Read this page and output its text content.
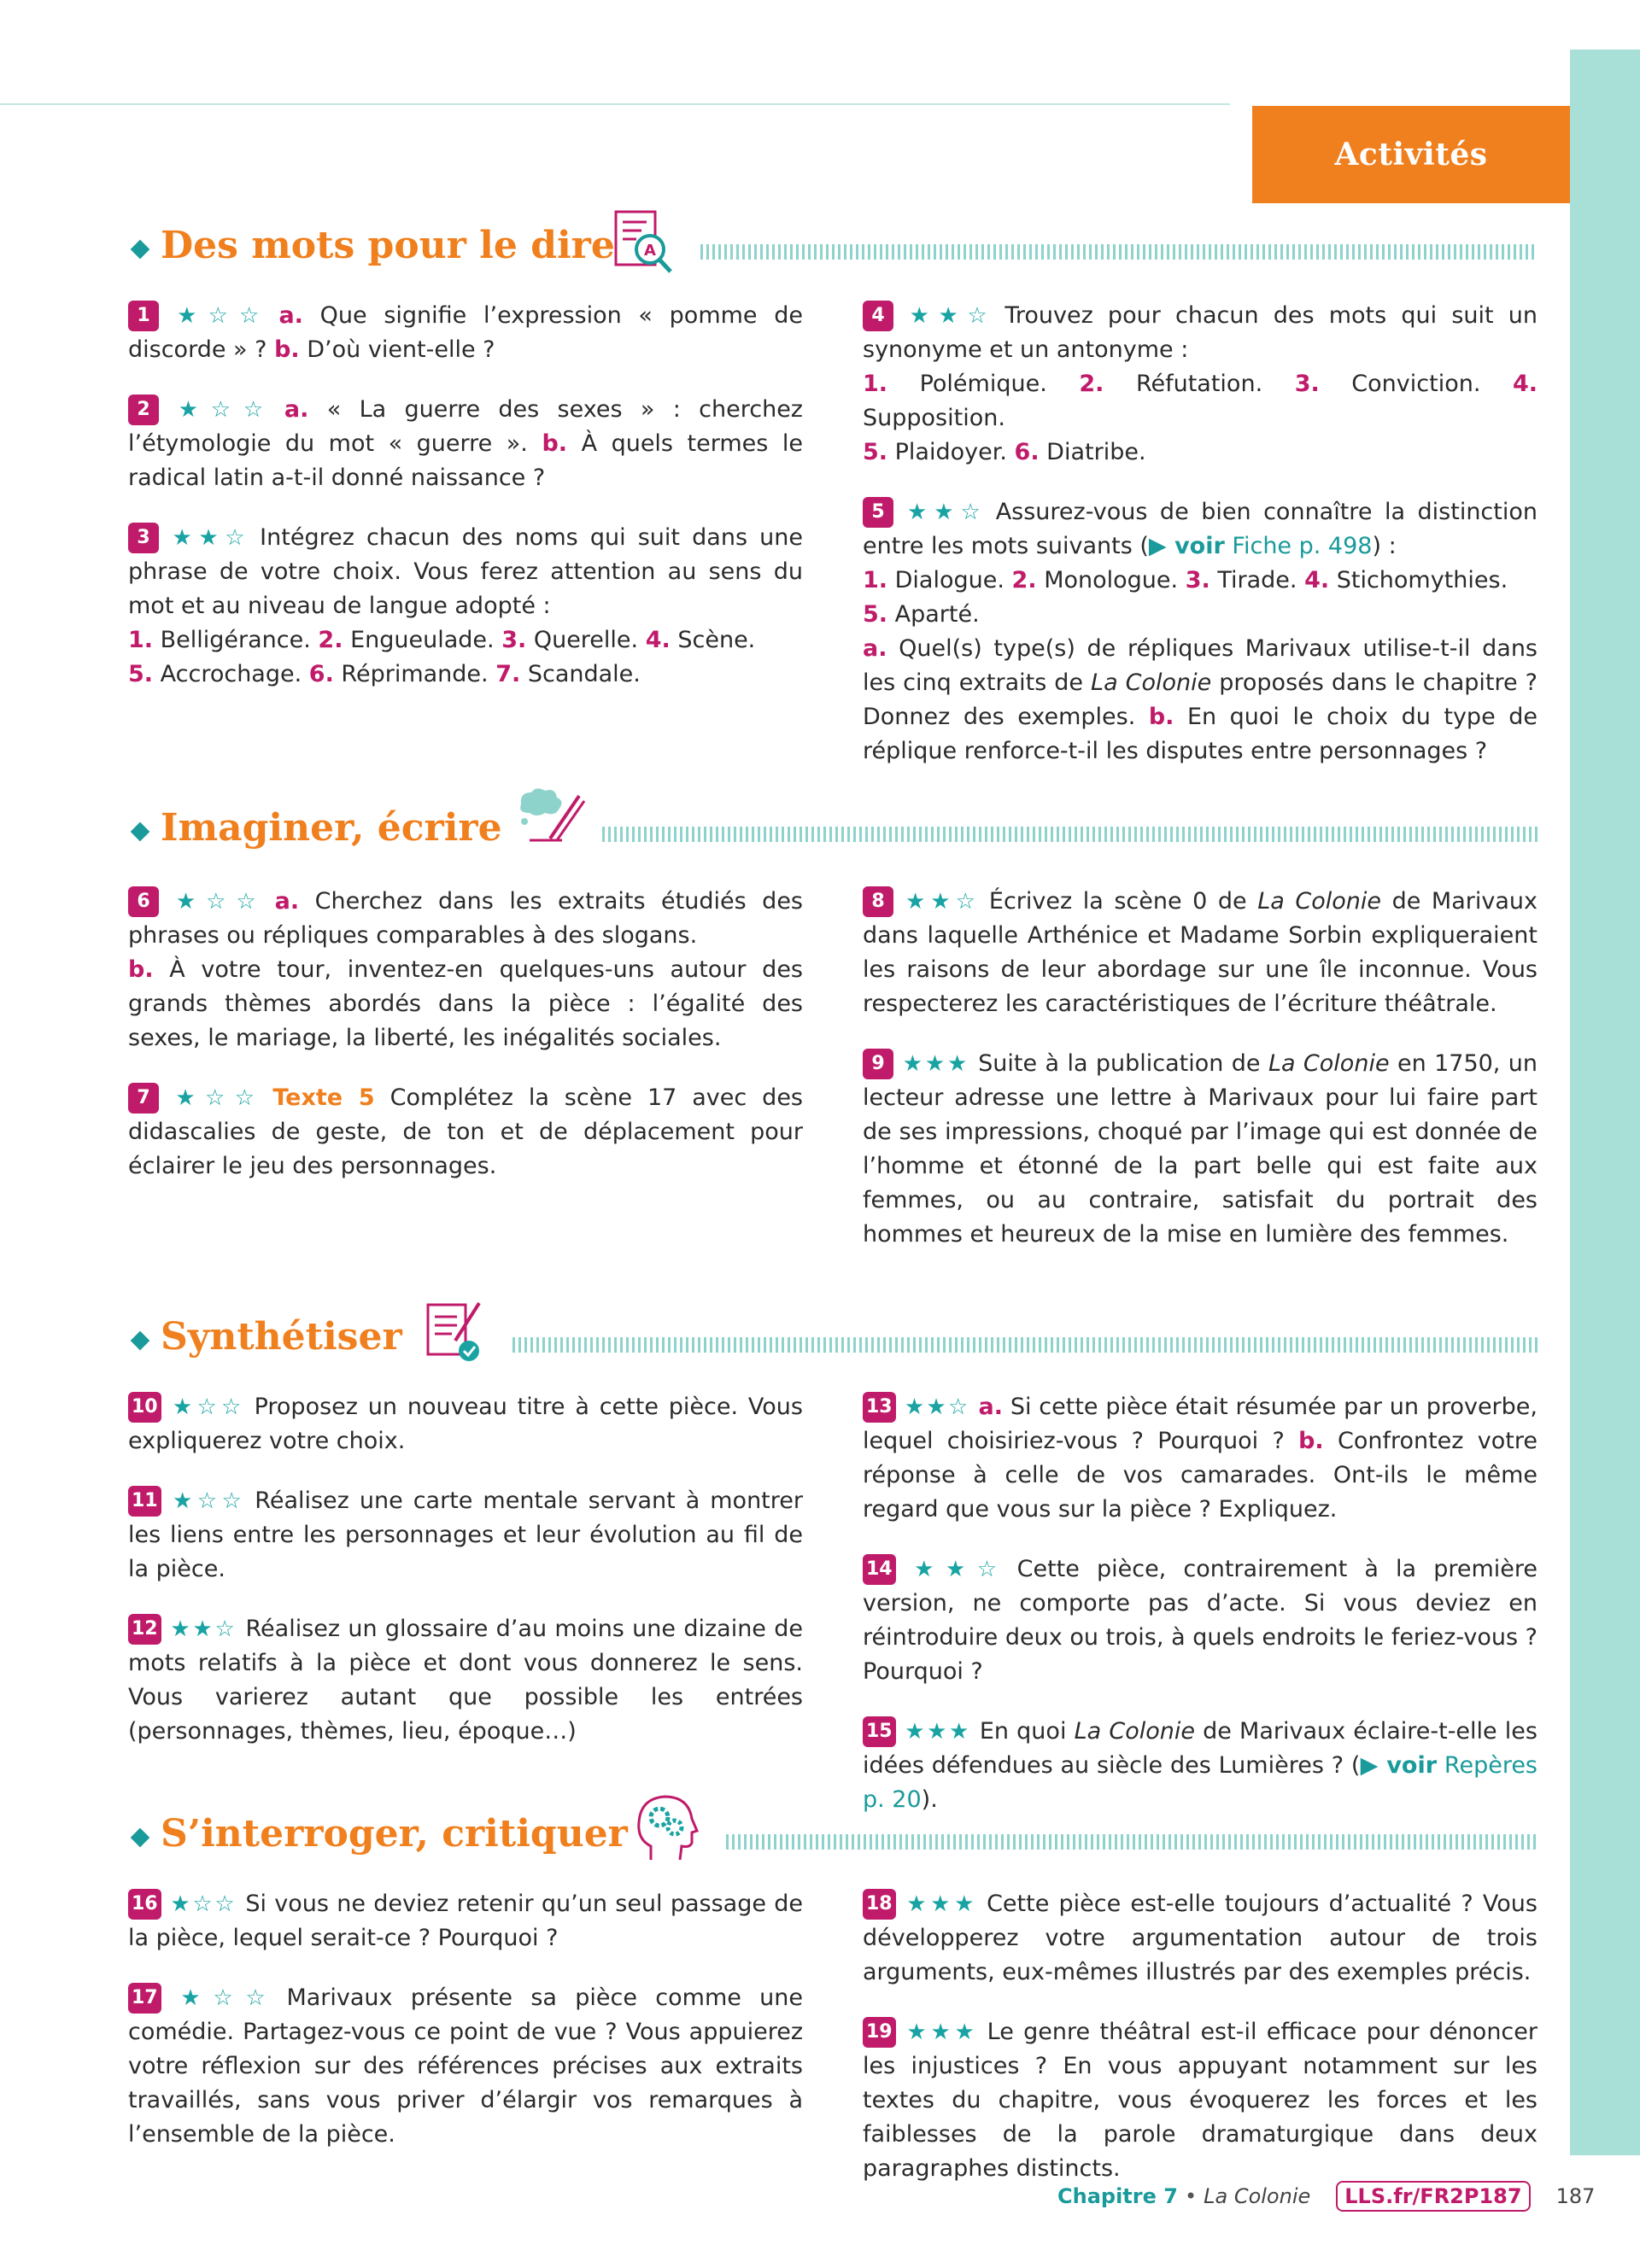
Activités
Des mots pour le dire A

1 ★☆☆ a. Que signifie l’expression « pomme de discorde » ? b. D’où vient-elle ?

2 ★☆☆ a. « La guerre des sexes » : cherchez l’étymologie du mot « guerre ». b. À quels termes le radical latin a-t-il donné naissance ?

3 ★★☆ Intégrez chacun des noms qui suit dans une phrase de votre choix. Vous ferez attention au sens du mot et au niveau de langue adopté :
1. Belligérance. 2. Engueulade. 3. Querelle. 4. Scène.
5. Accrochage. 6. Réprimande. 7. Scandale.

4 ★★☆ Trouvez pour chacun des mots qui suit un synonyme et un antonyme :
1. Polémique. 2. Réfutation. 3. Conviction. 4. Supposition.
5. Plaidoyer. 6. Diatribe.

5 ★★☆ Assurez-vous de bien connaître la distinction entre les mots suivants (▶ voir Fiche p. 498) :
1. Dialogue. 2. Monologue. 3. Tirade. 4. Stichomythies.
5. Aparté.
a. Quel(s) type(s) de répliques Marivaux utilise-t-il dans les cinq extraits de La Colonie proposés dans le chapitre ? Donnez des exemples. b. En quoi le choix du type de réplique renforce-t-il les disputes entre personnages ?

Imaginer, écrire

6 ★☆☆ a. Cherchez dans les extraits étudiés des phrases ou répliques comparables à des slogans.
b. À votre tour, inventez-en quelques-uns autour des grands thèmes abordés dans la pièce : l’égalité des sexes, le mariage, la liberté, les inégalités sociales.

7 ★☆☆ Texte 5 Complétez la scène 17 avec des didascalies de geste, de ton et de déplacement pour éclairer le jeu des personnages.

8 ★★☆ Écrivez la scène 0 de La Colonie de Marivaux dans laquelle Arthénice et Madame Sorbin expliqueraient les raisons de leur abordage sur une île inconnue. Vous respecterez les caractéristiques de l’écriture théâtrale.

9 ★★★ Suite à la publication de La Colonie en 1750, un lecteur adresse une lettre à Marivaux pour lui faire part de ses impressions, choqué par l’image qui est donnée de l’homme et étonné de la part belle qui est faite aux femmes, ou au contraire, satisfait du portrait des hommes et heureux de la mise en lumière des femmes.

Synthétiser

10 ★☆☆ Proposez un nouveau titre à cette pièce. Vous expliquerez votre choix.

11 ★☆☆ Réalisez une carte mentale servant à montrer les liens entre les personnages et leur évolution au fil de la pièce.

12 ★★☆ Réalisez un glossaire d’au moins une dizaine de mots relatifs à la pièce et dont vous donnerez le sens. Vous varierez autant que possible les entrées (personnages, thèmes, lieu, époque…)

13 ★★☆ a. Si cette pièce était résumée par un proverbe, lequel choisiriez-vous ? Pourquoi ? b. Confrontez votre réponse à celle de vos camarades. Ont-ils le même regard que vous sur la pièce ? Expliquez.

14 ★★☆ Cette pièce, contrairement à la première version, ne comporte pas d’acte. Si vous deviez en réintroduire deux ou trois, à quels endroits le feriez-vous ? Pourquoi ?

15 ★★★ En quoi La Colonie de Marivaux éclaire-t-elle les idées défendues au siècle des Lumières ? (▶ voir Repères p. 20).

S’interroger, critiquer

16 ★☆☆ Si vous ne deviez retenir qu’un seul passage de la pièce, lequel serait-ce ? Pourquoi ?

17 ★☆☆ Marivaux présente sa pièce comme une comédie. Partagez-vous ce point de vue ? Vous appuierez votre réflexion sur des références précises aux extraits travaillés, sans vous priver d’élargir vos remarques à l’ensemble de la pièce.

18 ★★★ Cette pièce est-elle toujours d’actualité ? Vous développerez votre argumentation autour de trois arguments, eux-mêmes illustrés par des exemples précis.

19 ★★★ Le genre théâtral est-il efficace pour dénoncer les injustices ? En vous appuyant notamment sur les textes du chapitre, vous évoquerez les forces et les faiblesses de la parole dramaturgique dans deux paragraphes distincts.

Chapitre 7 • La Colonie	LLS.fr/FR2P187	187
